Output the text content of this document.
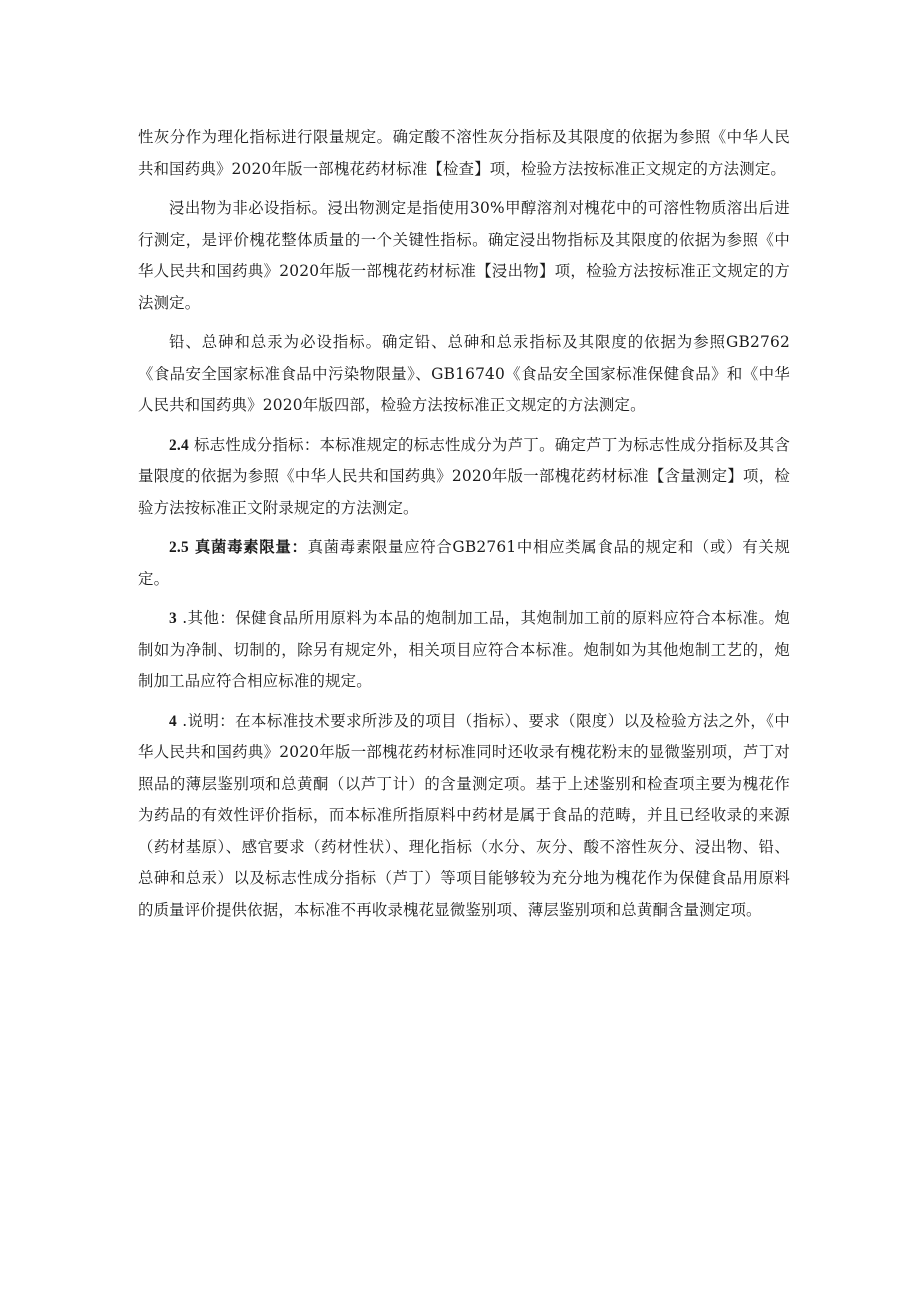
性灰分作为理化指标进行限量规定。确定酸不溶性灰分指标及其限度的依据为参照《中华人民共和国药典》2020年版一部槐花药材标准【检查】项，检验方法按标准正文规定的方法测定。

浸出物为非必设指标。浸出物测定是指使用30%甲醇溶剂对槐花中的可溶性物质溶出后进行测定，是评价槐花整体质量的一个关键性指标。确定浸出物指标及其限度的依据为参照《中华人民共和国药典》2020年版一部槐花药材标准【浸出物】项，检验方法按标准正文规定的方法测定。

铅、总砷和总汞为必设指标。确定铅、总砷和总汞指标及其限度的依据为参照GB2762《食品安全国家标准食品中污染物限量》、GB16740《食品安全国家标准保健食品》和《中华人民共和国药典》2020年版四部，检验方法按标准正文规定的方法测定。

2.4 标志性成分指标：本标准规定的标志性成分为芦丁。确定芦丁为标志性成分指标及其含量限度的依据为参照《中华人民共和国药典》2020年版一部槐花药材标准【含量测定】项，检验方法按标准正文附录规定的方法测定。

2.5 真菌毒素限量：真菌毒素限量应符合GB2761中相应类属食品的规定和（或）有关规定。

3 .其他：保健食品所用原料为本品的炮制加工品，其炮制加工前的原料应符合本标准。炮制如为净制、切制的，除另有规定外，相关项目应符合本标准。炮制如为其他炮制工艺的，炮制加工品应符合相应标准的规定。

4 .说明：在本标准技术要求所涉及的项目（指标）、要求（限度）以及检验方法之外，《中华人民共和国药典》2020年版一部槐花药材标准同时还收录有槐花粉末的显微鉴别项，芦丁对照品的薄层鉴别项和总黄酮（以芦丁计）的含量测定项。基于上述鉴别和检查项主要为槐花作为药品的有效性评价指标，而本标准所指原料中药材是属于食品的范畴，并且已经收录的来源（药材基原）、感官要求（药材性状）、理化指标（水分、灰分、酸不溶性灰分、浸出物、铅、总砷和总汞）以及标志性成分指标（芦丁）等项目能够较为充分地为槐花作为保健食品用原料的质量评价提供依据，本标准不再收录槐花显微鉴别项、薄层鉴别项和总黄酮含量测定项。
